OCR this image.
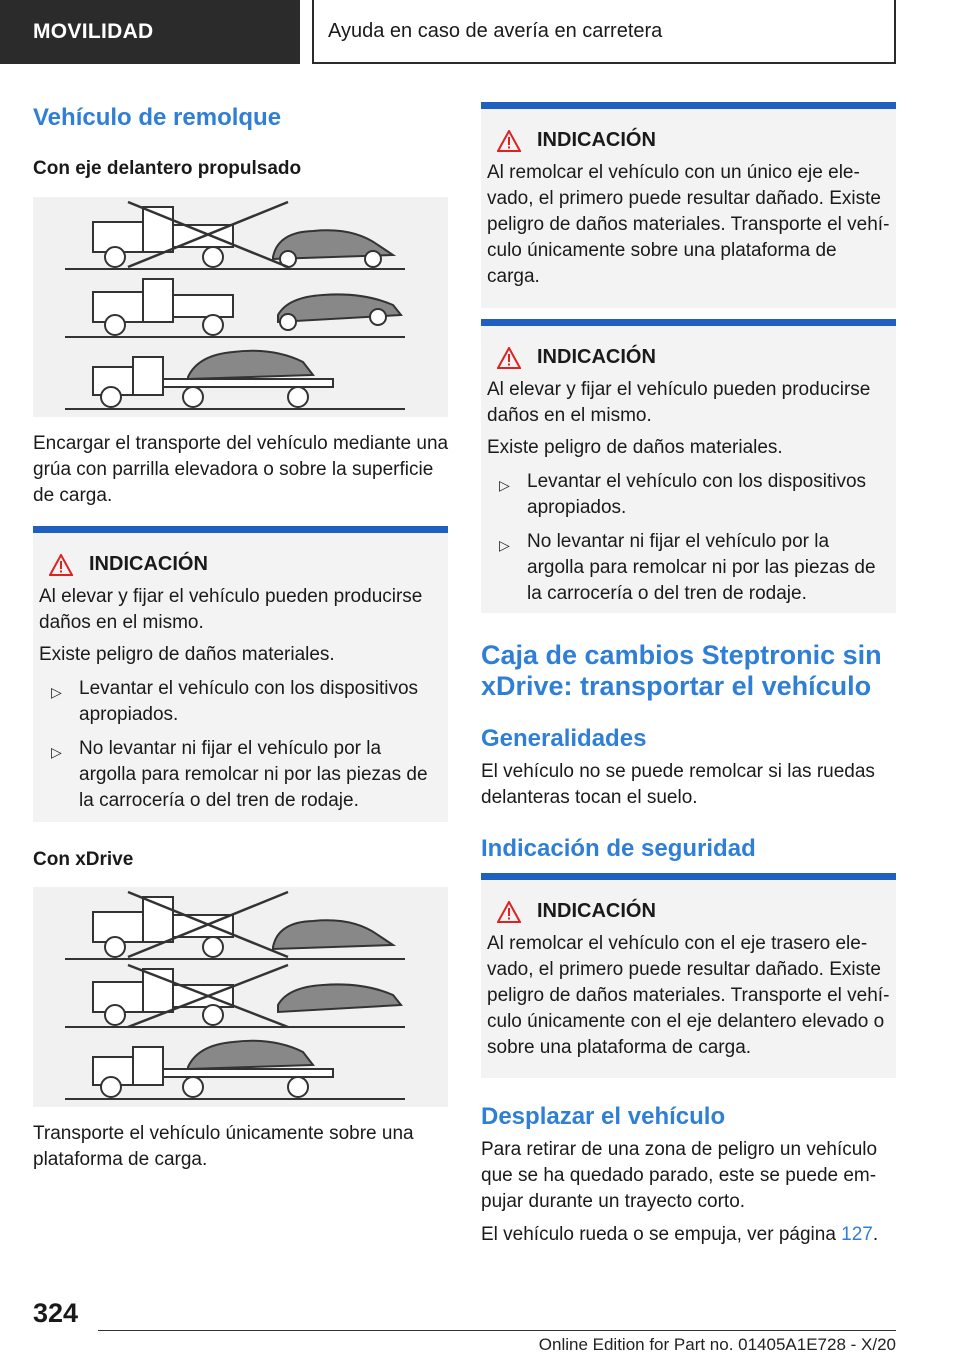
MOVILIDAD	Ayuda en caso de avería en carretera
Vehículo de remolque
Con eje delantero propulsado

Encargar el transporte del vehículo mediante una grúa con parrilla elevadora o sobre la superficie de carga.

INDICACIÓN

Al elevar y fijar el vehículo pueden producirse daños en el mismo.

Existe peligro de daños materiales.

▷ Levantar el vehículo con los dispositivos apropiados.
▷ No levantar ni fijar el vehículo por la argolla para remolcar ni por las piezas de la carrocería o del tren de rodaje.
Con xDrive

Transporte el vehículo únicamente sobre una plataforma de carga.

INDICACIÓN

Al remolcar el vehículo con un único eje elevado, el primero puede resultar dañado. Existe peligro de daños materiales. Transporte el vehículo únicamente sobre una plataforma de carga.

INDICACIÓN

Al elevar y fijar el vehículo pueden producirse daños en el mismo.

Existe peligro de daños materiales.

▷ Levantar el vehículo con los dispositivos apropiados.
▷ No levantar ni fijar el vehículo por la argolla para remolcar ni por las piezas de la carrocería o del tren de rodaje.
Caja de cambios Steptronic sin xDrive: transportar el vehículo
Generalidades

El vehículo no se puede remolcar si las ruedas delanteras tocan el suelo.

Indicación de seguridad
INDICACIÓN

Al remolcar el vehículo con el eje trasero elevado, el primero puede resultar dañado. Existe peligro de daños materiales. Transporte el vehículo únicamente con el eje delantero elevado o sobre una plataforma de carga.

Desplazar el vehículo

Para retirar de una zona de peligro un vehículo que se ha quedado parado, este se puede empujar durante un trayecto corto.

El vehículo rueda o se empuja, ver página 127.

324
Online Edition for Part no. 01405A1E728 - X/20
